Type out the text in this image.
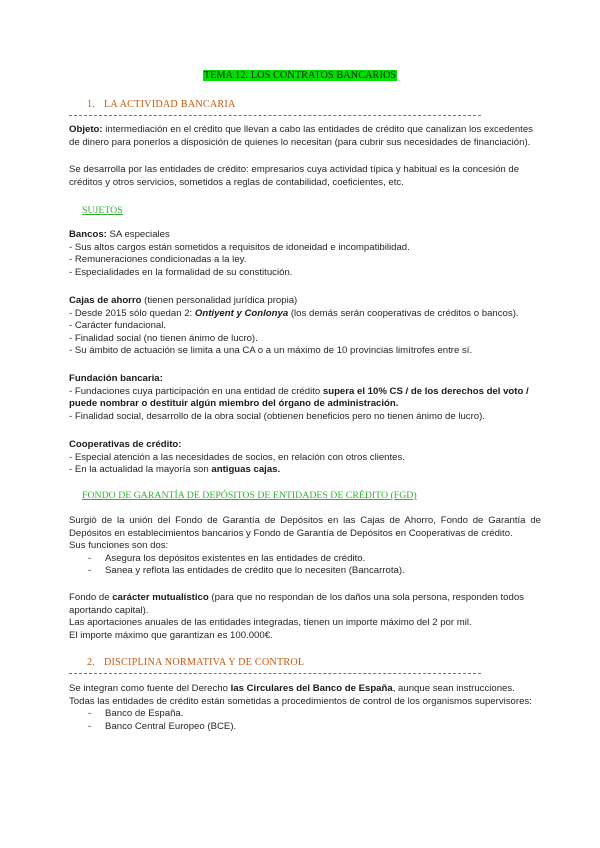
TEMA 12. LOS CONTRATOS BANCARIOS
1. LA ACTIVIDAD BANCARIA

Objeto: intermediación en el crédito que llevan a cabo las entidades de crédito que canalizan los excedentes de dinero para ponerlos a disposición de quienes lo necesitan (para cubrir sus necesidades de financiación).

Se desarrolla por las entidades de crédito: empresarios cuya actividad típica y habitual es la concesión de créditos y otros servicios, sometidos a reglas de contabilidad, coeficientes, etc.

SUJETOS

Bancos: SA especiales

- Sus altos cargos están sometidos a requisitos de idoneidad e incompatibilidad.

- Remuneraciones condicionadas a la ley.

- Especialidades en la formalidad de su constitución.

Cajas de ahorro (tienen personalidad jurídica propia)

- Desde 2015 sólo quedan 2: Ontiyent y Conlonya (los demás serán cooperativas de créditos o bancos).

- Carácter fundacional.

- Finalidad social (no tienen ánimo de lucro).

- Su ámbito de actuación se limita a una CA o a un máximo de 10 provincias limítrofes entre sí.

Fundación bancaria:

- Fundaciones cuya participación en una entidad de crédito supera el 10% CS / de los derechos del voto / puede nombrar o destituir algún miembro del órgano de administración.

- Finalidad social, desarrollo de la obra social (obtienen beneficios pero no tienen ánimo de lucro).

Cooperativas de crédito:

- Especial atención a las necesidades de socios, en relación con otros clientes.

- En la actualidad la mayoría son antiguas cajas.

FONDO DE GARANTÍA DE DEPÓSITOS DE ENTIDADES DE CRÉDITO (FGD)

Surgió de la unión del Fondo de Garantía de Depósitos en las Cajas de Ahorro, Fondo de Garantía de Depósitos en establecimientos bancarios y Fondo de Garantía de Depósitos en Cooperativas de crédito.

Sus funciones son dos:

- Asegura los depósitos existentes en las entidades de crédito.

- Sanea y reflota las entidades de crédito que lo necesiten (Bancarrota).

Fondo de carácter mutualístico (para que no respondan de los daños una sola persona, responden todos aportando capital).

Las aportaciones anuales de las entidades integradas, tienen un importe máximo del 2 por mil.

El importe máximo que garantizan es 100.000€.

2. DISCIPLINA NORMATIVA Y DE CONTROL

Se integran como fuente del Derecho las Circulares del Banco de España, aunque sean instrucciones.

Todas las entidades de crédito están sometidas a procedimientos de control de los organismos supervisores:

- Banco de España.

- Banco Central Europeo (BCE).
